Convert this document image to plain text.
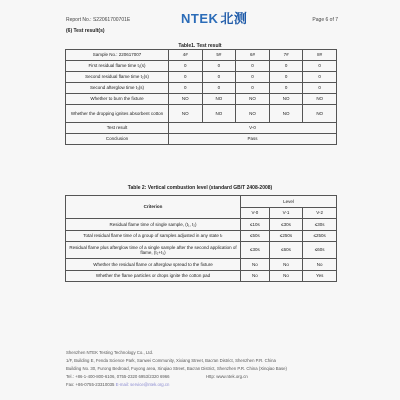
NTEK 北测
Report No.: S22061700701E	Page 6 of 7
(6) Test result(s)
Table1. Test result
Sample No.: 220617007	4#	5#	6#	7#	8#
First residual flame time t₁(s)	0	0	0	0	0
Second residual flame time t₂(s)	0	0	0	0	0
Second afterglow time t₃(s)	0	0	0	0	0
Whether to burn the fixture	NO	NO	NO	NO	NO
Whether the dropping ignites absorbent cotton	NO	NO	NO	NO	NO
Test result	V-0				
Conclusion	Pass				
Table 2: Vertical combustion level (standard GB/T 2408-2008)
Criterion	Level		
	V-0	V-1	V-2
Residual flame time of single sample, (t₁, t₂)	≤10s	≤30s	≤30s
Total residual flame time of a group of samples adjusted in any state tₜ	≤50s	≤250s	≤250s
Residual flame plus afterglow time of a single sample after the second application of flame, (t₂+t₃)	≤30s	≤60s	≤60s
Whether the residual flame or afterglow spread to the fixture	No	No	No
Whether the flame particles or drops ignite the cotton pad	No	No	Yes
Shenzhen NTEK Testing Technology Co., Ltd.
1/F, Building E, Fenda Science Park, Sanwei Community, Xixiang Street, Bao'an District, Shenzhen P.R. China
Building No. 30, Furong Bedroad, Fuyong area, Xinqiao Street, Bao'an District, Shenzhen P.R. China (Xinqiao Base)
Tel.: +86-1-400-800-6106, 0755-2320 6953/2320 6966	Http: www.ntek.org.cn
Fax: +86-0755-23310035 E-mail: service@ntek.org.cn
